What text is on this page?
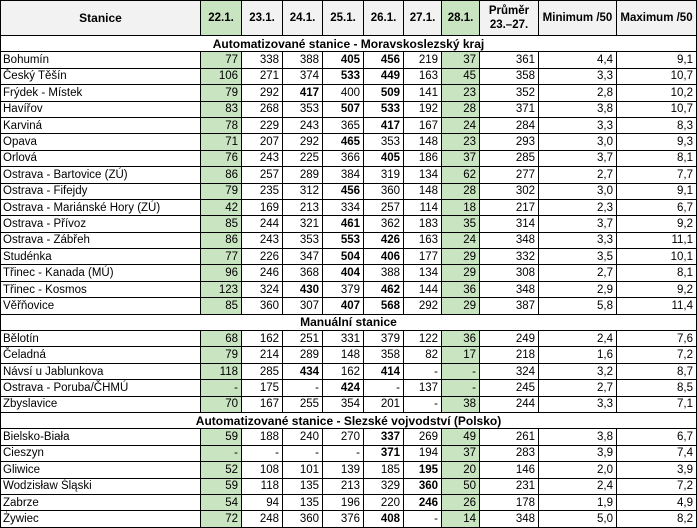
Stanice	22.1.	23.1.	24.1.	25.1.	26.1.	27.1.	28.1.	Průměr 23.–27.	Minimum /50	Maximum /50
Automatizované stanice - Moravskoslezský kraj										
Bohumín	77	338	388	405	456	219	37	361	4,4	9,1
Český Těšín	106	271	374	533	449	163	45	358	3,3	10,7
Frýdek - Místek	79	292	417	400	509	141	23	352	2,8	10,2
Havířov	83	268	353	507	533	192	28	371	3,8	10,7
Karviná	78	229	243	365	417	167	24	284	3,3	8,3
Opava	71	207	292	465	353	148	23	293	3,0	9,3
Orlová	76	243	225	366	405	186	37	285	3,7	8,1
Ostrava - Bartovice (ZÚ)	86	257	289	384	319	134	62	277	2,7	7,7
Ostrava - Fifejdy	79	235	312	456	360	148	28	302	3,0	9,1
Ostrava - Mariánské Hory (ZÚ)	42	169	213	334	257	114	18	217	2,3	6,7
Ostrava - Přívoz	85	244	321	461	362	183	35	314	3,7	9,2
Ostrava - Zábřeh	86	243	353	553	426	163	24	348	3,3	11,1
Studénka	77	226	347	504	406	177	29	332	3,5	10,1
Třinec - Kanada (MÚ)	96	246	368	404	388	134	29	308	2,7	8,1
Třinec - Kosmos	123	324	430	379	462	144	36	348	2,9	9,2
Věřňovice	85	360	307	407	568	292	29	387	5,8	11,4
Manuální stanice										
Bělotín	68	162	251	331	379	122	36	249	2,4	7,6
Čeladná	79	214	289	148	358	82	17	218	1,6	7,2
Návsí u Jablunkova	118	285	434	162	414	-	-	324	3,2	8,7
Ostrava - Poruba/ČHMÚ	-	175	-	424	-	137	-	245	2,7	8,5
Zbyslavice	70	167	255	354	201	-	38	244	3,3	7,1
Automatizované stanice - Slezské vojvodství (Polsko)										
Bielsko-Biała	59	188	240	270	337	269	49	261	3,8	6,7
Cieszyn	-	-	-	-	371	194	37	283	3,9	7,4
Gliwice	52	108	101	139	185	195	20	146	2,0	3,9
Wodzisław Śląski	59	118	135	213	329	360	50	231	2,4	7,2
Zabrze	54	94	135	196	220	246	26	178	1,9	4,9
Żywiec	72	248	360	376	408	-	14	348	5,0	8,2
